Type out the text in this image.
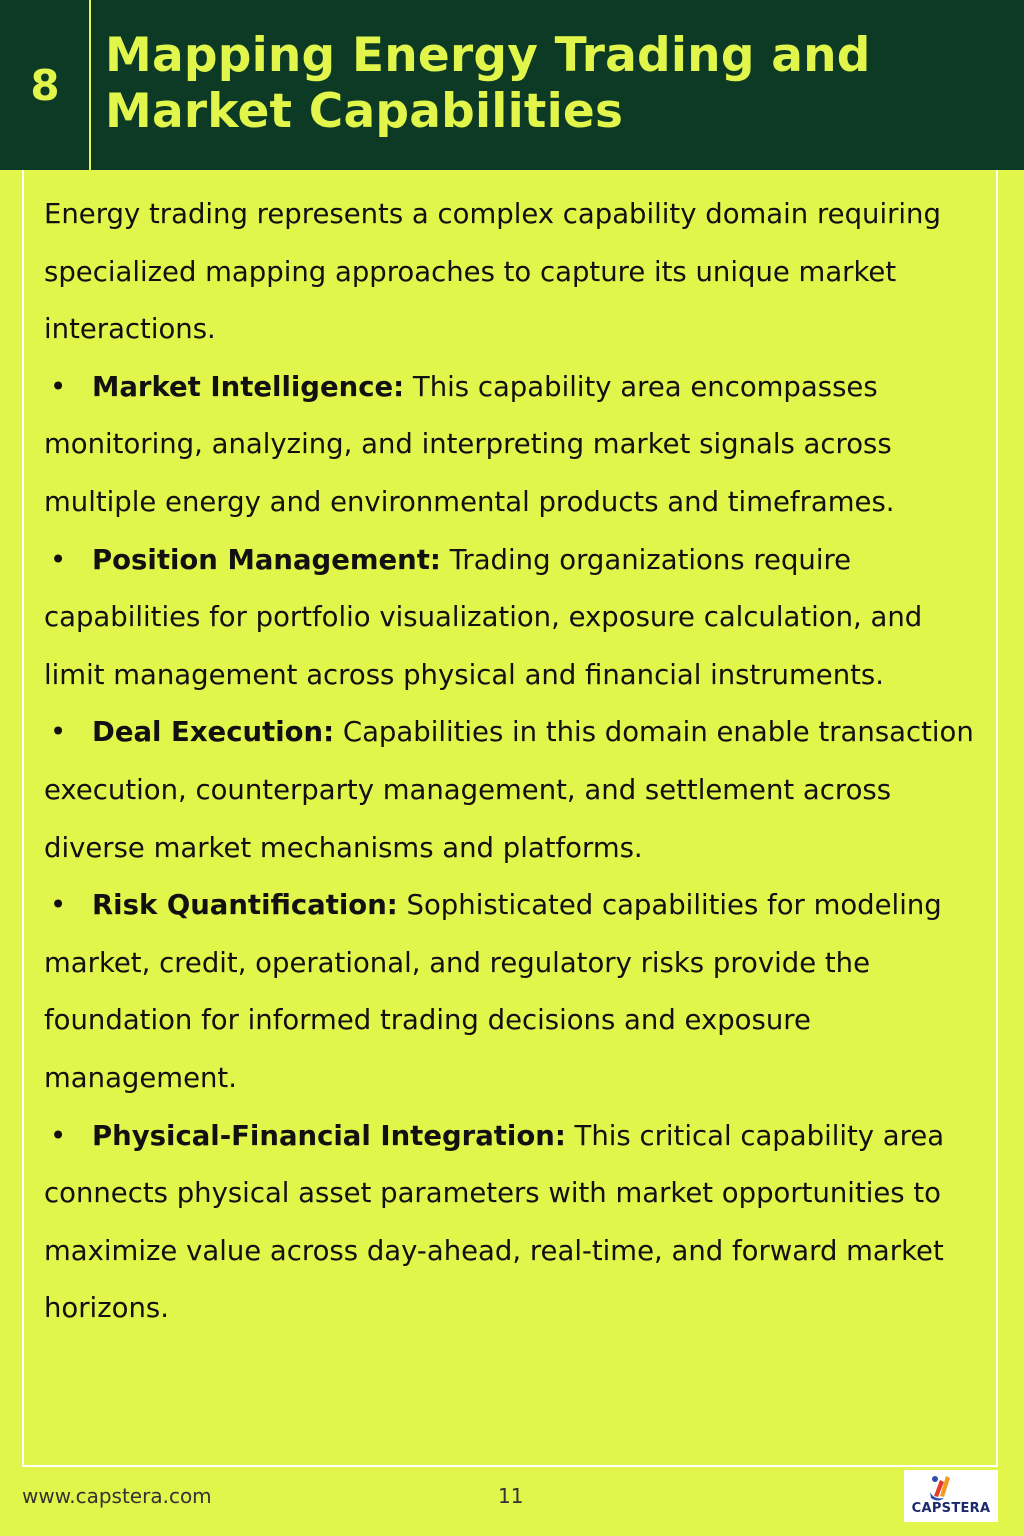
8
Mapping Energy Trading and Market Capabilities

Energy trading represents a complex capability domain requiring specialized mapping approaches to capture its unique market interactions.

• Market Intelligence: This capability area encompasses monitoring, analyzing, and interpreting market signals across multiple energy and environmental products and timeframes.

• Position Management: Trading organizations require capabilities for portfolio visualization, exposure calculation, and limit management across physical and financial instruments.

• Deal Execution: Capabilities in this domain enable transaction execution, counterparty management, and settlement across diverse market mechanisms and platforms.

• Risk Quantification: Sophisticated capabilities for modeling market, credit, operational, and regulatory risks provide the foundation for informed trading decisions and exposure management.

• Physical-Financial Integration: This critical capability area connects physical asset parameters with market opportunities to maximize value across day-ahead, real-time, and forward market horizons.

www.capstera.com	11
CAPSTERA
